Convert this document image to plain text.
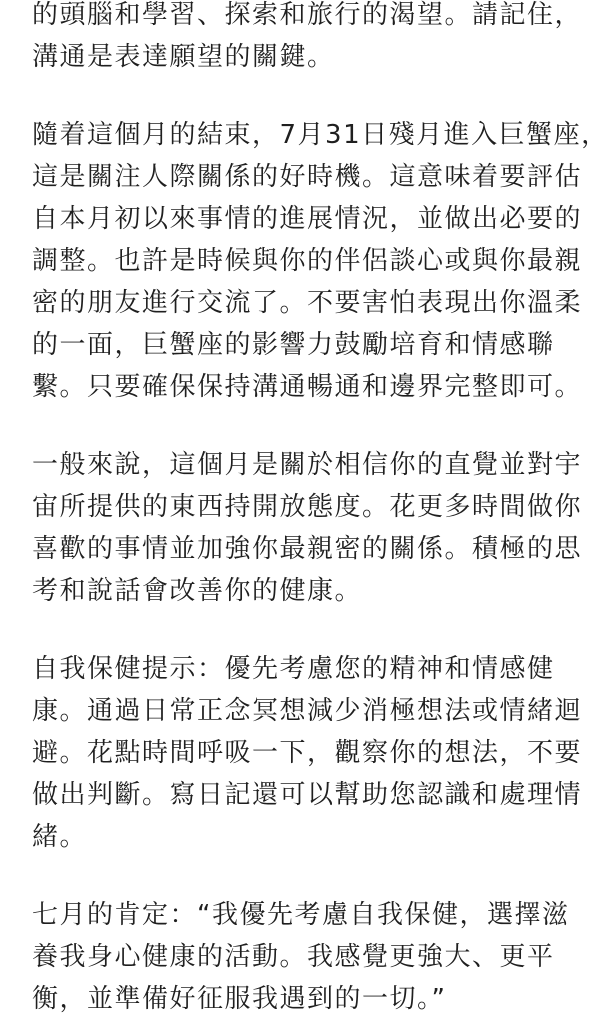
的頭腦和學習、探索和旅行的渴望。請記住，
溝通是表達願望的關鍵。

隨着這個月的結束，7月31日殘月進入巨蟹座，
這是關注人際關係的好時機。這意味着要評估
自本月初以來事情的進展情況，並做出必要的
調整。也許是時候與你的伴侶談心或與你最親
密的朋友進行交流了。不要害怕表現出你溫柔
的一面，巨蟹座的影響力鼓勵培育和情感聯
繫。只要確保保持溝通暢通和邊界完整即可。

一般來說，這個月是關於相信你的直覺並對宇
宙所提供的東西持開放態度。花更多時間做你
喜歡的事情並加強你最親密的關係。積極的思
考和說話會改善你的健康。

自我保健提示：優先考慮您的精神和情感健
康。通過日常正念冥想減少消極想法或情緒迴
避。花點時間呼吸一下，觀察你的想法，不要
做出判斷。寫日記還可以幫助您認識和處理情
緒。

七月的肯定：“我優先考慮自我保健，選擇滋
養我身心健康的活動。我感覺更強大、更平
衡，並準備好征服我遇到的一切。”
